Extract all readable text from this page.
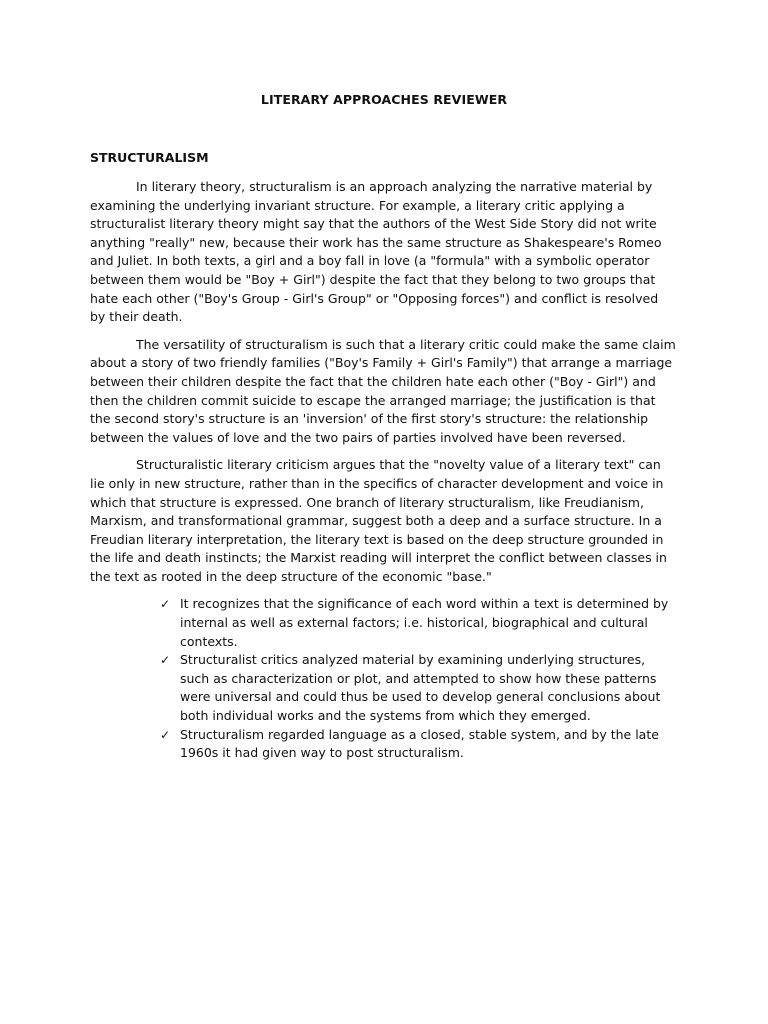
LITERARY APPROACHES REVIEWER
STRUCTURALISM

In literary theory, structuralism is an approach analyzing the narrative material by examining the underlying invariant structure. For example, a literary critic applying a structuralist literary theory might say that the authors of the West Side Story did not write anything "really" new, because their work has the same structure as Shakespeare's Romeo and Juliet. In both texts, a girl and a boy fall in love (a "formula" with a symbolic operator between them would be "Boy + Girl") despite the fact that they belong to two groups that hate each other ("Boy's Group - Girl's Group" or "Opposing forces") and conflict is resolved by their death.

The versatility of structuralism is such that a literary critic could make the same claim about a story of two friendly families ("Boy's Family + Girl's Family") that arrange a marriage between their children despite the fact that the children hate each other ("Boy - Girl") and then the children commit suicide to escape the arranged marriage; the justification is that the second story's structure is an 'inversion' of the first story's structure: the relationship between the values of love and the two pairs of parties involved have been reversed.

Structuralistic literary criticism argues that the "novelty value of a literary text" can lie only in new structure, rather than in the specifics of character development and voice in which that structure is expressed. One branch of literary structuralism, like Freudianism, Marxism, and transformational grammar, suggest both a deep and a surface structure. In a Freudian literary interpretation, the literary text is based on the deep structure grounded in the life and death instincts; the Marxist reading will interpret the conflict between classes in the text as rooted in the deep structure of the economic "base."

✓ It recognizes that the significance of each word within a text is determined by internal as well as external factors; i.e. historical, biographical and cultural contexts.
✓ Structuralist critics analyzed material by examining underlying structures, such as characterization or plot, and attempted to show how these patterns were universal and could thus be used to develop general conclusions about both individual works and the systems from which they emerged.
✓ Structuralism regarded language as a closed, stable system, and by the late 1960s it had given way to post structuralism.
